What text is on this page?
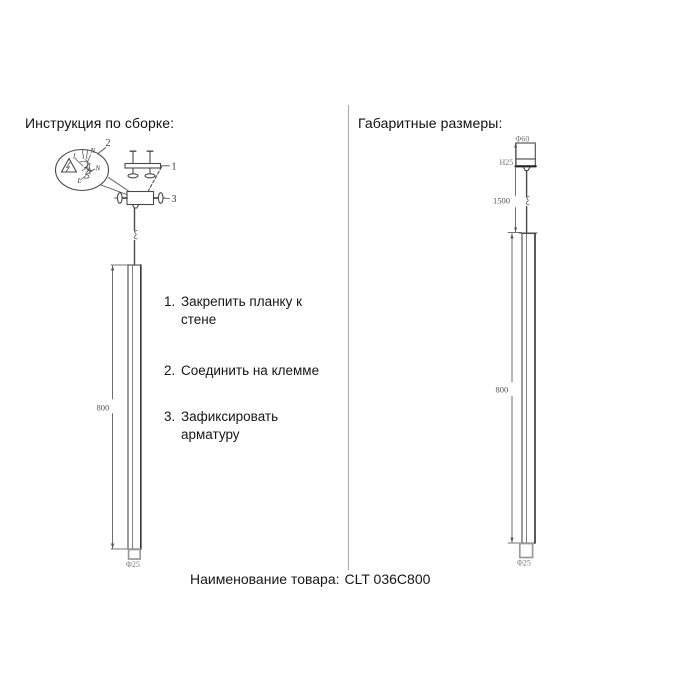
Инструкция по сборке:	Габаритные размеры:
L
N
N
L
2
1
3
800
Φ25
1. Закрепить планку к
стене
2. Соединить на клемме
3. Зафиксировать
арматуру
Φ60
H25
1500
800
Φ25
Наименование товара: CLT 036C800
